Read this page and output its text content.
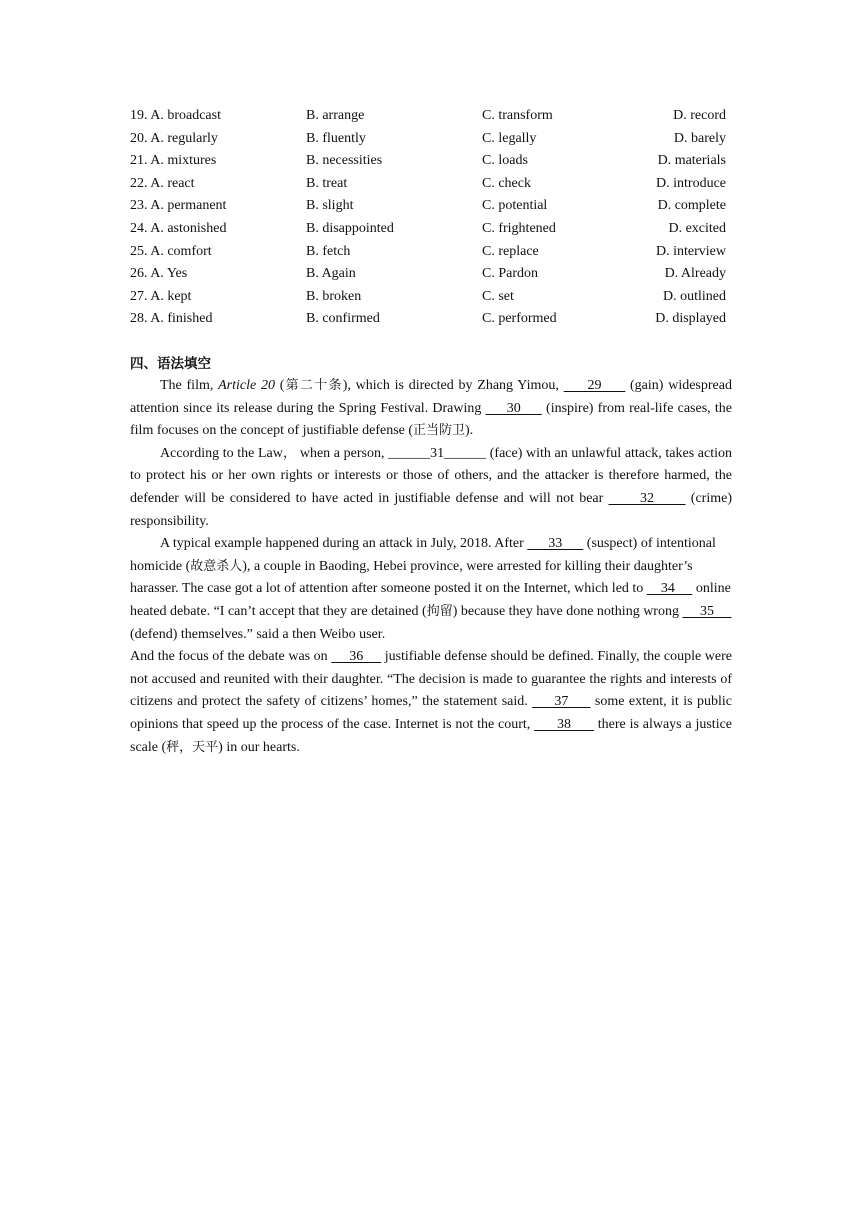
19. A. broadcast	B. arrange	C. transform	D. record
20. A. regularly	B. fluently	C. legally	D. barely
21. A. mixtures	B. necessities	C. loads	D. materials
22. A. react	B. treat	C. check	D. introduce
23. A. permanent	B. slight	C. potential	D. complete
24. A. astonished	B. disappointed	C. frightened	D. excited
25. A. comfort	B. fetch	C. replace	D. interview
26. A. Yes	B. Again	C. Pardon	D. Already
27. A. kept	B. broken	C. set	D. outlined
28. A. finished	B. confirmed	C. performed	D. displayed
四、语法填空

The film, Article 20 (第二十条), which is directed by Zhang Yimou,      29      (gain) widespread attention since its release during the Spring Festival. Drawing      30      (inspire) from real-life cases, the film focuses on the concept of justifiable defense (正当防卫).

According to the Law， when a person, ______31______ (face) with an unlawful attack, takes action to protect his or her own rights or interests or those of others, and the attacker is therefore harmed, the defender will be considered to have acted in justifiable defense and will not bear       32       (crime) responsibility.

A typical example happened during an attack in July, 2018. After       33       (suspect) of intentional homicide (故意杀人), a couple in Baoding, Hebei province, were arrested for killing their daughter’s harasser. The case got a lot of attention after someone posted it on the Internet, which led to     34      online heated debate. “I can’t accept that they are detained (拘留) because they have done nothing wrong      35      (defend) themselves.” said a then Weibo user.

And the focus of the debate was on      36      justifiable defense should be defined. Finally, the couple were not accused and reunited with their daughter. “The decision is made to guarantee the rights and interests of citizens and protect the safety of citizens’ homes,” the statement said.      37      some extent, it is public opinions that speed up the process of the case. Internet is not the court,       38       there is always a justice scale (秤，天平) in our hearts.
